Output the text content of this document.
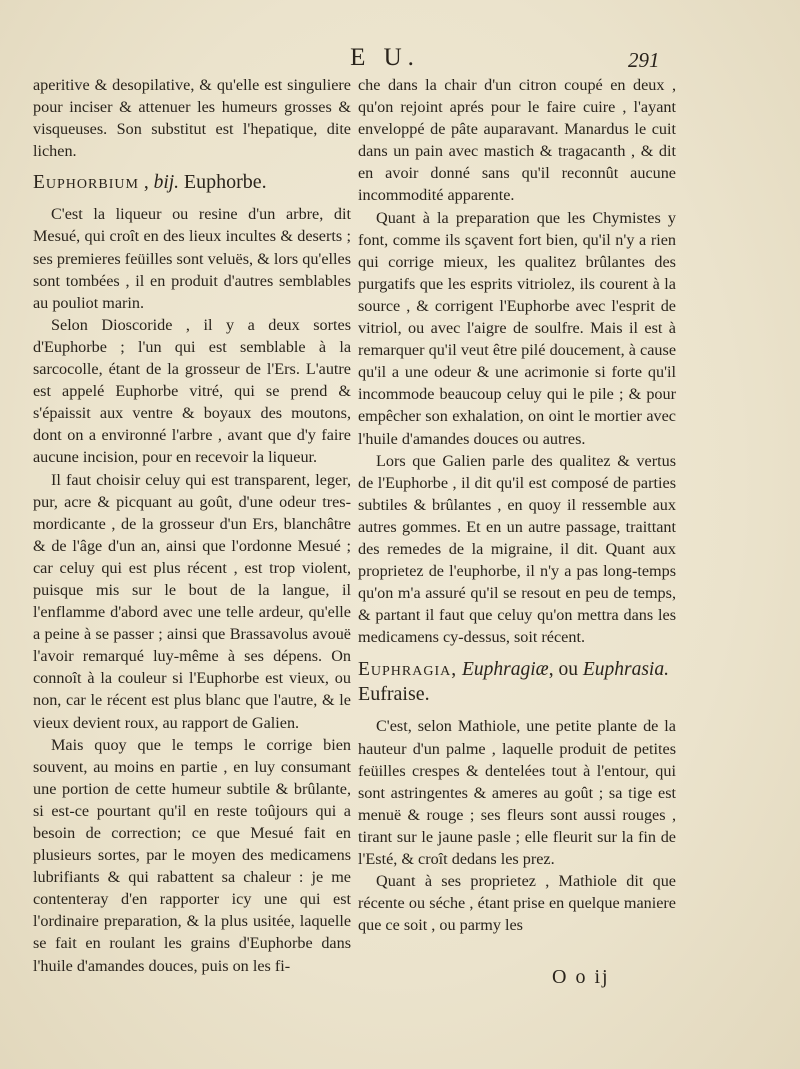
E U.	291

aperitive & desopilative, & qu'elle est singuliere pour inciser & attenuer les humeurs grosses & visqueuses. Son substitut est l'hepatique, dite lichen.

Euphorbium , bij. Euphorbe.

C'est la liqueur ou resine d'un arbre, dit Mesué, qui croît en des lieux incultes & deserts ; ses premieres feüilles sont veluës, & lors qu'elles sont tombées , il en produit d'autres semblables au pouliot marin.

Selon Dioscoride , il y a deux sortes d'Euphorbe ; l'un qui est semblable à la sarcocolle, étant de la grosseur de l'Ers. L'autre est appelé Euphorbe vitré, qui se prend & s'épaissit aux ventre & boyaux des moutons, dont on a environné l'arbre , avant que d'y faire aucune incision, pour en recevoir la liqueur.

Il faut choisir celuy qui est transparent, leger, pur, acre & picquant au goût, d'une odeur tres-mordicante , de la grosseur d'un Ers, blanchâtre & de l'âge d'un an, ainsi que l'ordonne Mesué ; car celuy qui est plus récent , est trop violent, puisque mis sur le bout de la langue, il l'enflamme d'abord avec une telle ardeur, qu'elle a peine à se passer ; ainsi que Brassavolus avouë l'avoir remarqué luy-même à ses dépens. On connoît à la couleur si l'Euphorbe est vieux, ou non, car le récent est plus blanc que l'autre, & le vieux devient roux, au rapport de Galien.

Mais quoy que le temps le corrige bien souvent, au moins en partie , en luy consumant une portion de cette humeur subtile & brûlante, si est-ce pourtant qu'il en reste toûjours qui a besoin de correction; ce que Mesué fait en plusieurs sortes, par le moyen des medicamens lubrifiants & qui rabattent sa chaleur : je me contenteray d'en rapporter icy une qui est l'ordinaire preparation, & la plus usitée, laquelle se fait en roulant les grains d'Euphorbe dans l'huile d'amandes douces, puis on les fi-

che dans la chair d'un citron coupé en deux , qu'on rejoint aprés pour le faire cuire , l'ayant enveloppé de pâte auparavant. Manardus le cuit dans un pain avec mastich & tragacanth , & dit en avoir donné sans qu'il reconnût aucune incommodité apparente.

Quant à la preparation que les Chymistes y font, comme ils sçavent fort bien, qu'il n'y a rien qui corrige mieux, les qualitez brûlantes des purgatifs que les esprits vitriolez, ils courent à la source , & corrigent l'Euphorbe avec l'esprit de vitriol, ou avec l'aigre de soulfre. Mais il est à remarquer qu'il veut être pilé doucement, à cause qu'il a une odeur & une acrimonie si forte qu'il incommode beaucoup celuy qui le pile ; & pour empêcher son exhalation, on oint le mortier avec l'huile d'amandes douces ou autres.

Lors que Galien parle des qualitez & vertus de l'Euphorbe , il dit qu'il est composé de parties subtiles & brûlantes , en quoy il ressemble aux autres gommes. Et en un autre passage, traittant des remedes de la migraine, il dit. Quant aux proprietez de l'euphorbe, il n'y a pas long-temps qu'on m'a assuré qu'il se resout en peu de temps, & partant il faut que celuy qu'on mettra dans les medicamens cy-dessus, soit récent.

Euphragia, Euphragiæ, ou Euphrasia. Eufraise.

C'est, selon Mathiole, une petite plante de la hauteur d'un palme , laquelle produit de petites feüilles crespes & dentelées tout à l'entour, qui sont astringentes & ameres au goût ; sa tige est menuë & rouge ; ses fleurs sont aussi rouges , tirant sur le jaune pasle ; elle fleurit sur la fin de l'Esté, & croît dedans les prez.

Quant à ses proprietez , Mathiole dit que récente ou séche , étant prise en quelque maniere que ce soit , ou parmy les

O o ij
